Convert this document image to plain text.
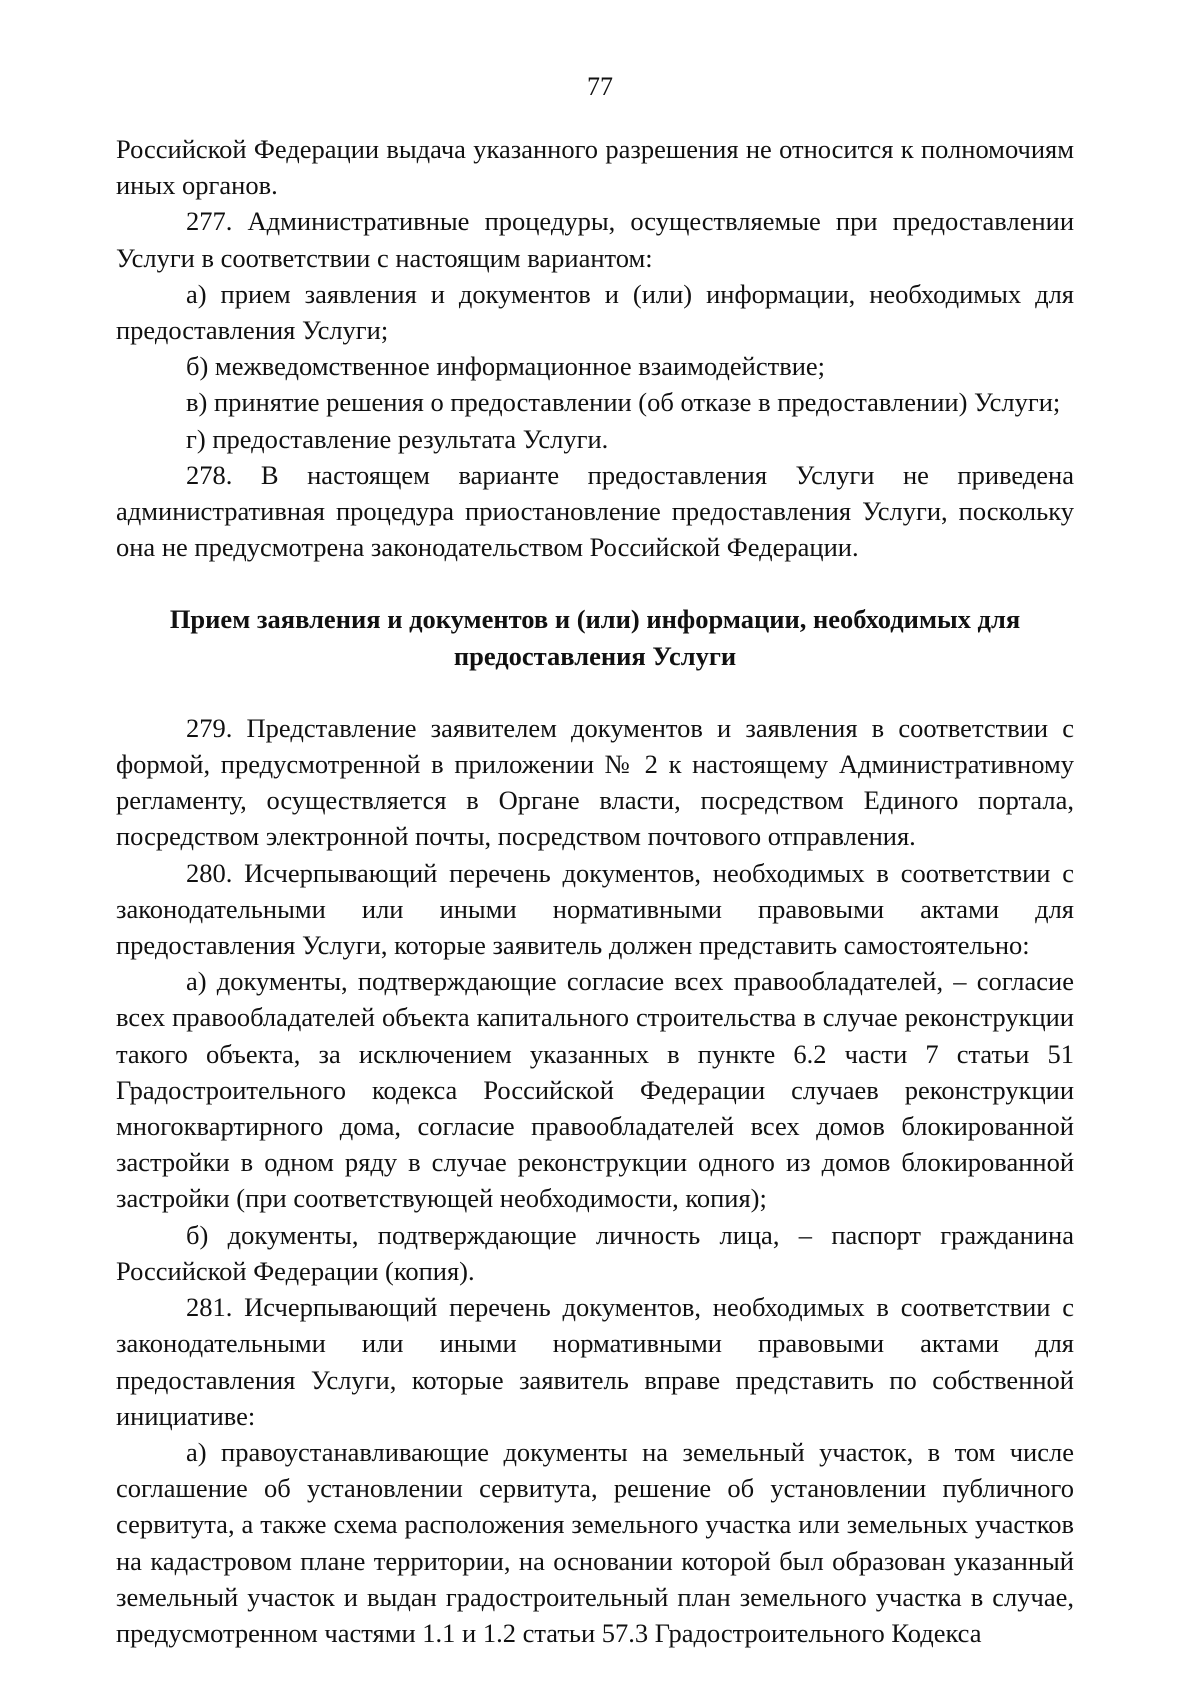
77

Российской Федерации выдача указанного разрешения не относится к полномочиям иных органов.

277. Административные процедуры, осуществляемые при предоставлении Услуги в соответствии с настоящим вариантом:

а) прием заявления и документов и (или) информации, необходимых для предоставления Услуги;

б) межведомственное информационное взаимодействие;

в) принятие решения о предоставлении (об отказе в предоставлении) Услуги;

г) предоставление результата Услуги.

278. В настоящем варианте предоставления Услуги не приведена административная процедура приостановление предоставления Услуги, поскольку она не предусмотрена законодательством Российской Федерации.

Прием заявления и документов и (или) информации, необходимых для

предоставления Услуги

279. Представление заявителем документов и заявления в соответствии с формой, предусмотренной в приложении № 2 к настоящему Административному регламенту, осуществляется в Органе власти, посредством Единого портала, посредством электронной почты, посредством почтового отправления.

280. Исчерпывающий перечень документов, необходимых в соответствии с законодательными или иными нормативными правовыми актами для предоставления Услуги, которые заявитель должен представить самостоятельно:

а) документы, подтверждающие согласие всех правообладателей, – согласие всех правообладателей объекта капитального строительства в случае реконструкции такого объекта, за исключением указанных в пункте 6.2 части 7 статьи 51 Градостроительного кодекса Российской Федерации случаев реконструкции многоквартирного дома, согласие правообладателей всех домов блокированной застройки в одном ряду в случае реконструкции одного из домов блокированной застройки (при соответствующей необходимости, копия);

б) документы, подтверждающие личность лица, – паспорт гражданина Российской Федерации (копия).

281. Исчерпывающий перечень документов, необходимых в соответствии с законодательными или иными нормативными правовыми актами для предоставления Услуги, которые заявитель вправе представить по собственной инициативе:

а) правоустанавливающие документы на земельный участок, в том числе соглашение об установлении сервитута, решение об установлении публичного сервитута, а также схема расположения земельного участка или земельных участков на кадастровом плане территории, на основании которой был образован указанный земельный участок и выдан градостроительный план земельного участка в случае, предусмотренном частями 1.1 и 1.2 статьи 57.3 Градостроительного Кодекса
